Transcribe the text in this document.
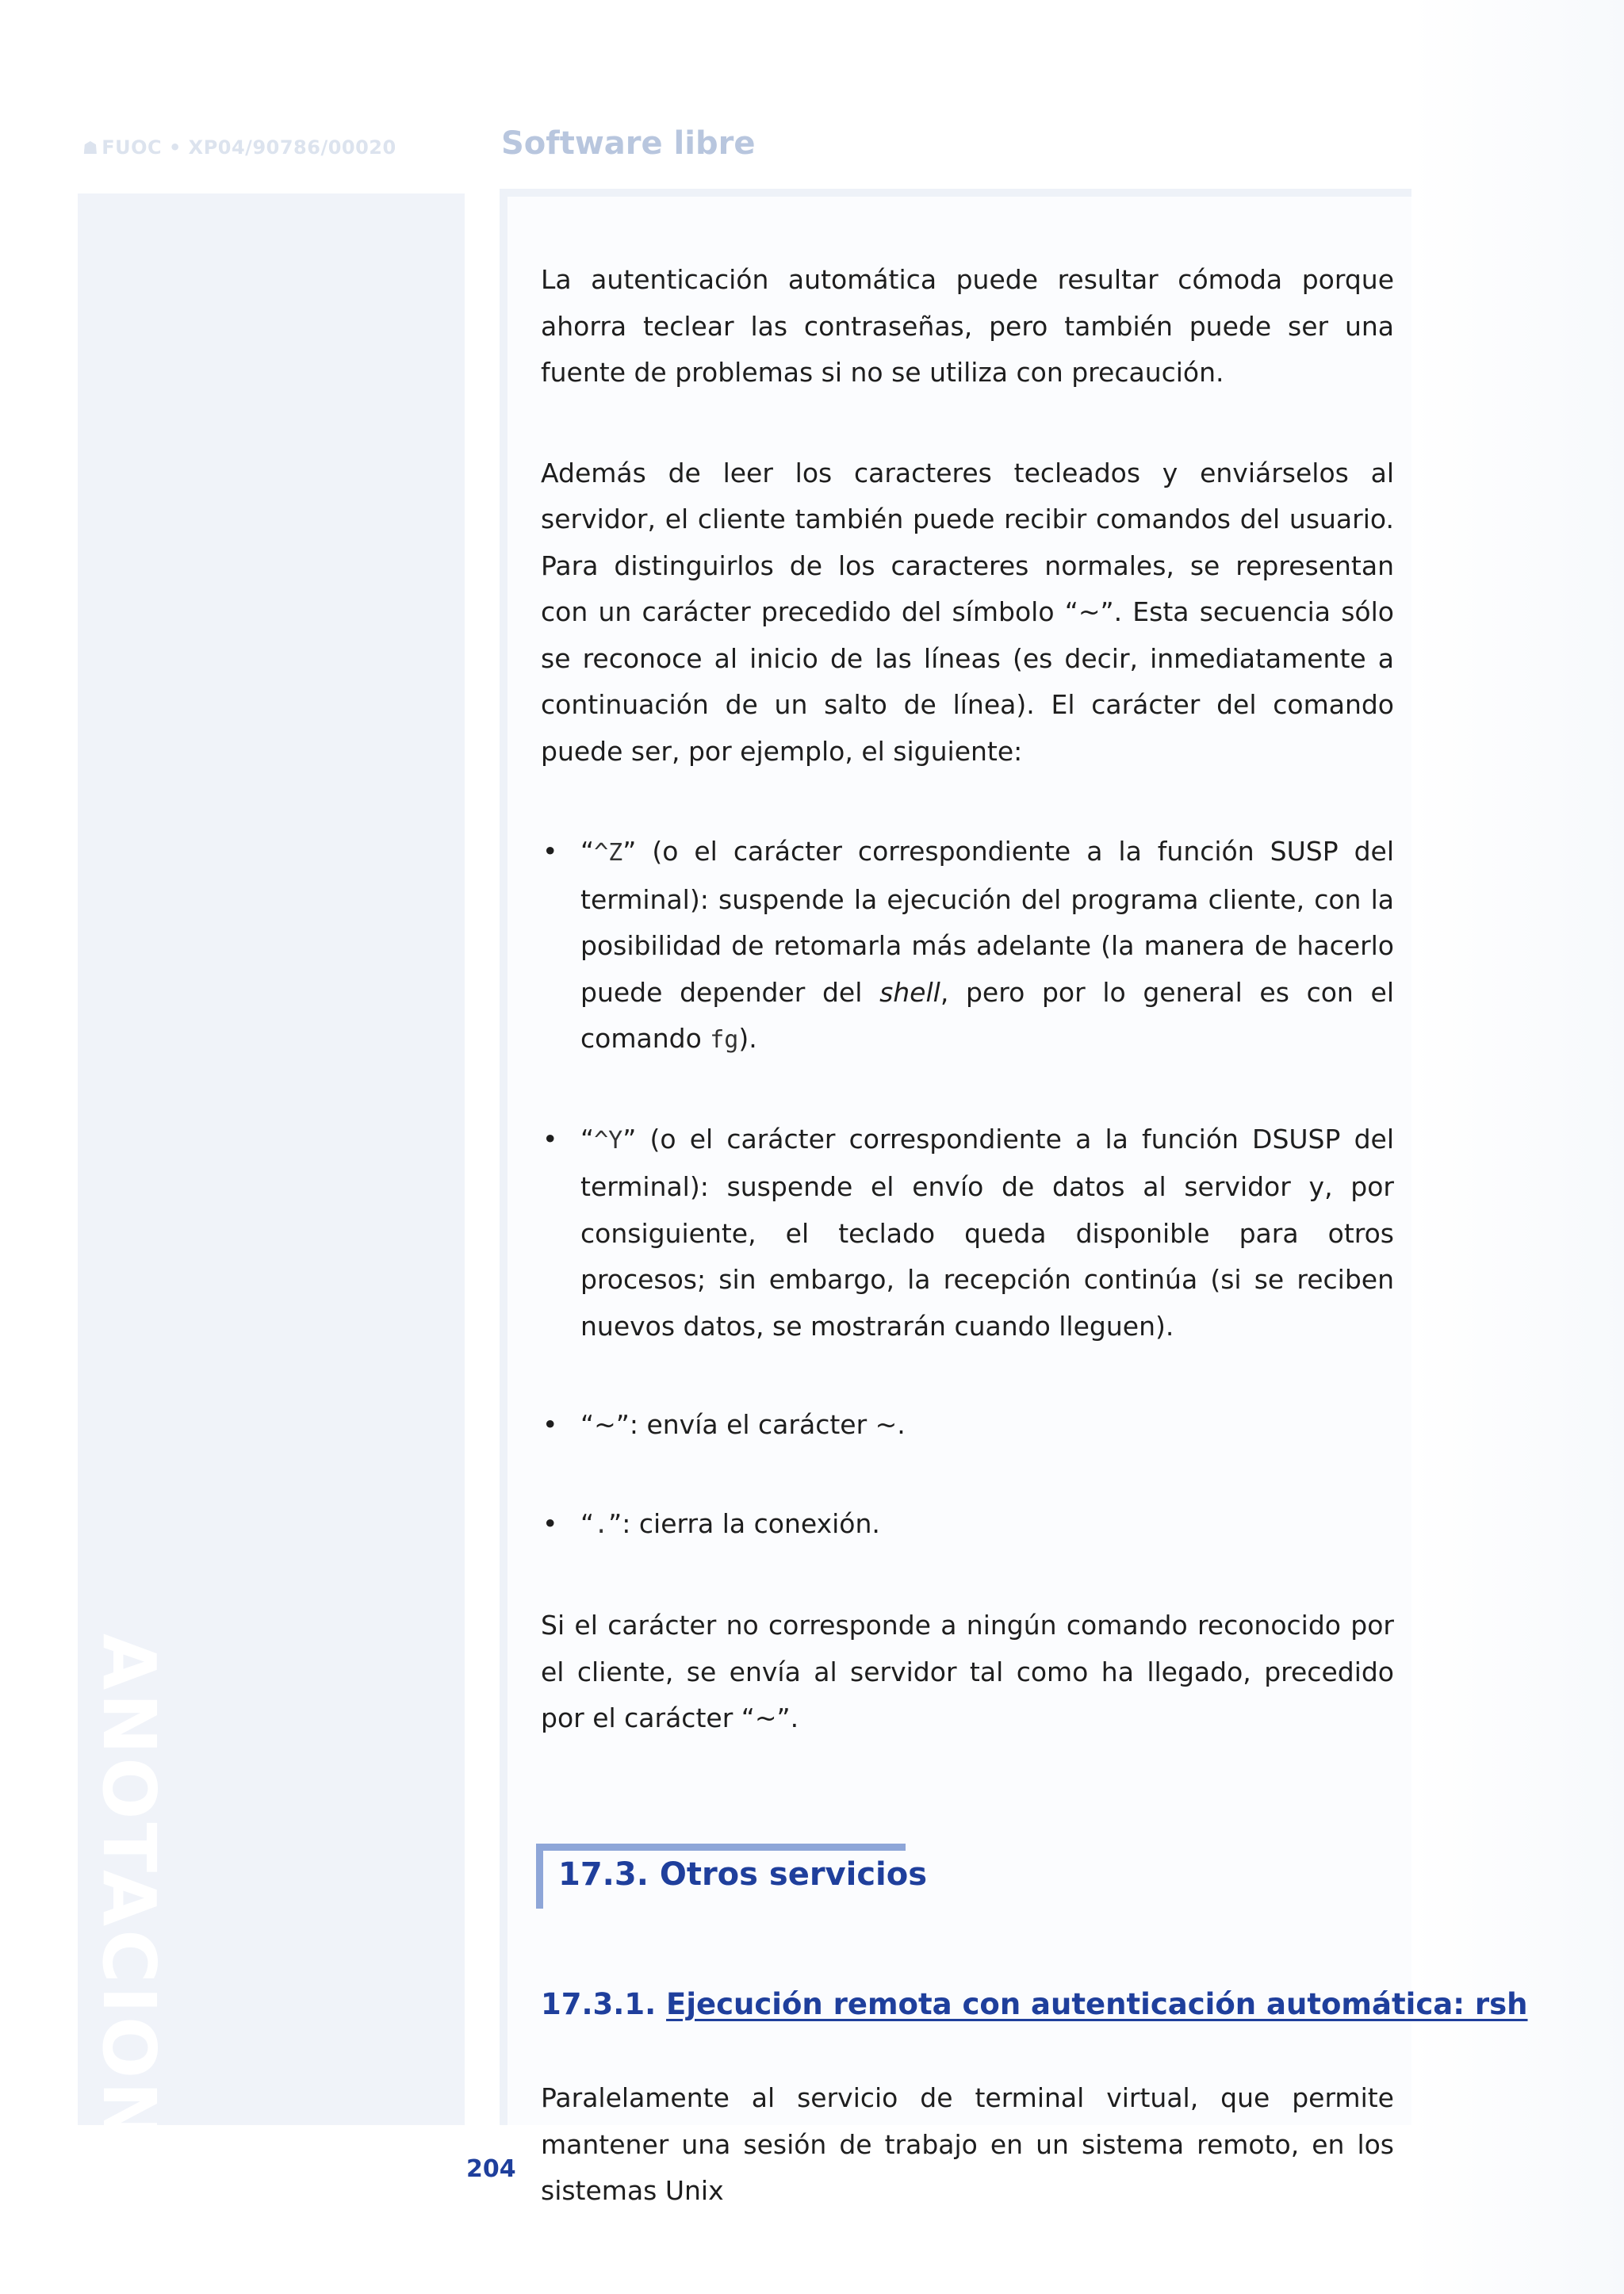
☗ FUOC • XP04/90786/00020	Software libre
ANOTACIONES

La autenticación automática puede resultar cómoda porque ahorra teclear las contraseñas, pero también puede ser una fuente de problemas si no se utiliza con precaución.

Además de leer los caracteres tecleados y enviárselos al servidor, el cliente también puede recibir comandos del usuario. Para distinguirlos de los caracteres normales, se representan con un carácter precedido del símbolo “~”. Esta secuencia sólo se reconoce al inicio de las líneas (es decir, inmediatamente a continuación de un salto de línea). El carácter del comando puede ser, por ejemplo, el siguiente:

• “^Z” (o el carácter correspondiente a la función SUSP del terminal): suspende la ejecución del programa cliente, con la posibilidad de retomarla más adelante (la manera de hacerlo puede depender del shell, pero por lo general es con el comando fg).
• “^Y” (o el carácter correspondiente a la función DSUSP del terminal): suspende el envío de datos al servidor y, por consiguiente, el teclado queda disponible para otros procesos; sin embargo, la recepción continúa (si se reciben nuevos datos, se mostrarán cuando lleguen).
• “~”: envía el carácter ~.
• “.”: cierra la conexión.

Si el carácter no corresponde a ningún comando reconocido por el cliente, se envía al servidor tal como ha llegado, precedido por el carácter “~”.

17.3. Otros servicios
17.3.1. Ejecución remota con autenticación automática: rsh

Paralelamente al servicio de terminal virtual, que permite mantener una sesión de trabajo en un sistema remoto, en los sistemas Unix

204
